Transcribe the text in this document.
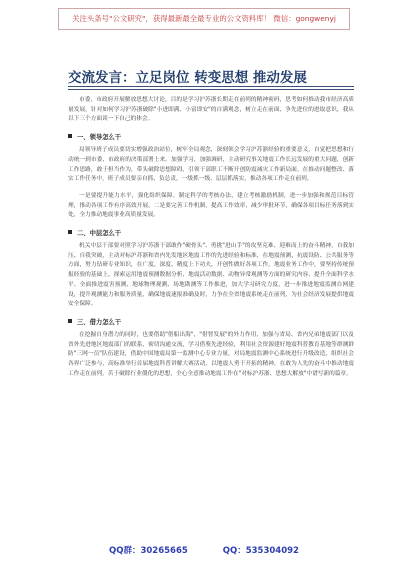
关注头条号"公文研究"，获得最新最全最专业的公文资料库！ 微信：gongwenyj
交流发言：立足岗位 转变思想 推动发展

市委、市政府开展解放思想大讨论，目的是学习沪苏浙长期走在前列的精神密码，思考如何推动我市经济高质量发展。针对如何学习沪苏浙破除"小进即满、小富即安"的自满观念，树立走在前面、争先进位的进取意识，我从以下三个方面谈一下自己的体会。

一、领导怎么干

局领导班子成员要切实增强政治站位，树牢全局观念，深刻领会学习沪苏浙经验的重要意义，自觉把思想和行动统一到市委、市政府的决策部署上来。加强学习，加强调研，主动研究事关地震工作长远发展的重大问题，创新工作思路，敢于担当作为，带头破除思想障碍，引领干部职工不断开创防震减灾工作新局面。在推动问题整改、落实工作任务中，班子成员要亲自抓、负总责，一级抓一级、层层抓落实，推动各项工作走在前列。

一是要提升能力水平，强化组织保障。制定科学的考核办法，建立考核激励机制，进一步加强和规范目标管理，推动各项工作有序高效开展。二是要完善工作机制，提高工作效率，减少审批环节，确保各项目标任务落到实处，全力推动地震事业高质量发展。

二、中层怎么干

机关中层干部要对照学习沪苏浙干部敢作"硬骨头"、勇挑"进山手"的攻坚克难、迎难而上的奋斗精神，自我加压、自我突破，主动对标沪苏浙和省内先发地区地震工作的先进经验和标准，在地震预测、抗震设防、公共服务等方面，努力钻研专业知识，在广度、深度、精度上下功夫，开创性做好各项工作。地震业务工作中，要坚持传统预报经验的基础上，探索运用地震预测数据分析，地震活动数据、动物异常观测等方面的研究内容，提升全面科学水平。全面推进震害预测、地球物理观测、场地勘测等工作推进，加大学习研究力度，进一步推进地震监测台网建设，提升观测能力和服务质量，确保地震速报准确及时，力争在全省地震系统走在前列，为社会经济发展提供地震安全保障。

三、借力怎么干

在挖掘自身潜力的同时，也要借助"借船出海"，"借智发展"的外力作用，加强与省局、省内兄弟地震部门以及省外先进地区地震部门的联系，密切沟通交流，学习借鉴先进经验，利用社会资源建好地震科普教育基地等群测群防"三网一员"队伍建设，借助中国地震局第一监测中心专业力量，对局地震监测中心系统进行升级改造，组织社会各界广泛参与，高标准举行首届地震科普讲解大赛活动，以地震人勇于开拓的精神，在敢为人先的奋斗中推动地震工作走在前列。苦于破除行业僵化的思想，全心全意推动地震工作在"对标沪苏浙、思想大解放"中谱写新的篇章。

QQ群：30265665	QQ：535304092
